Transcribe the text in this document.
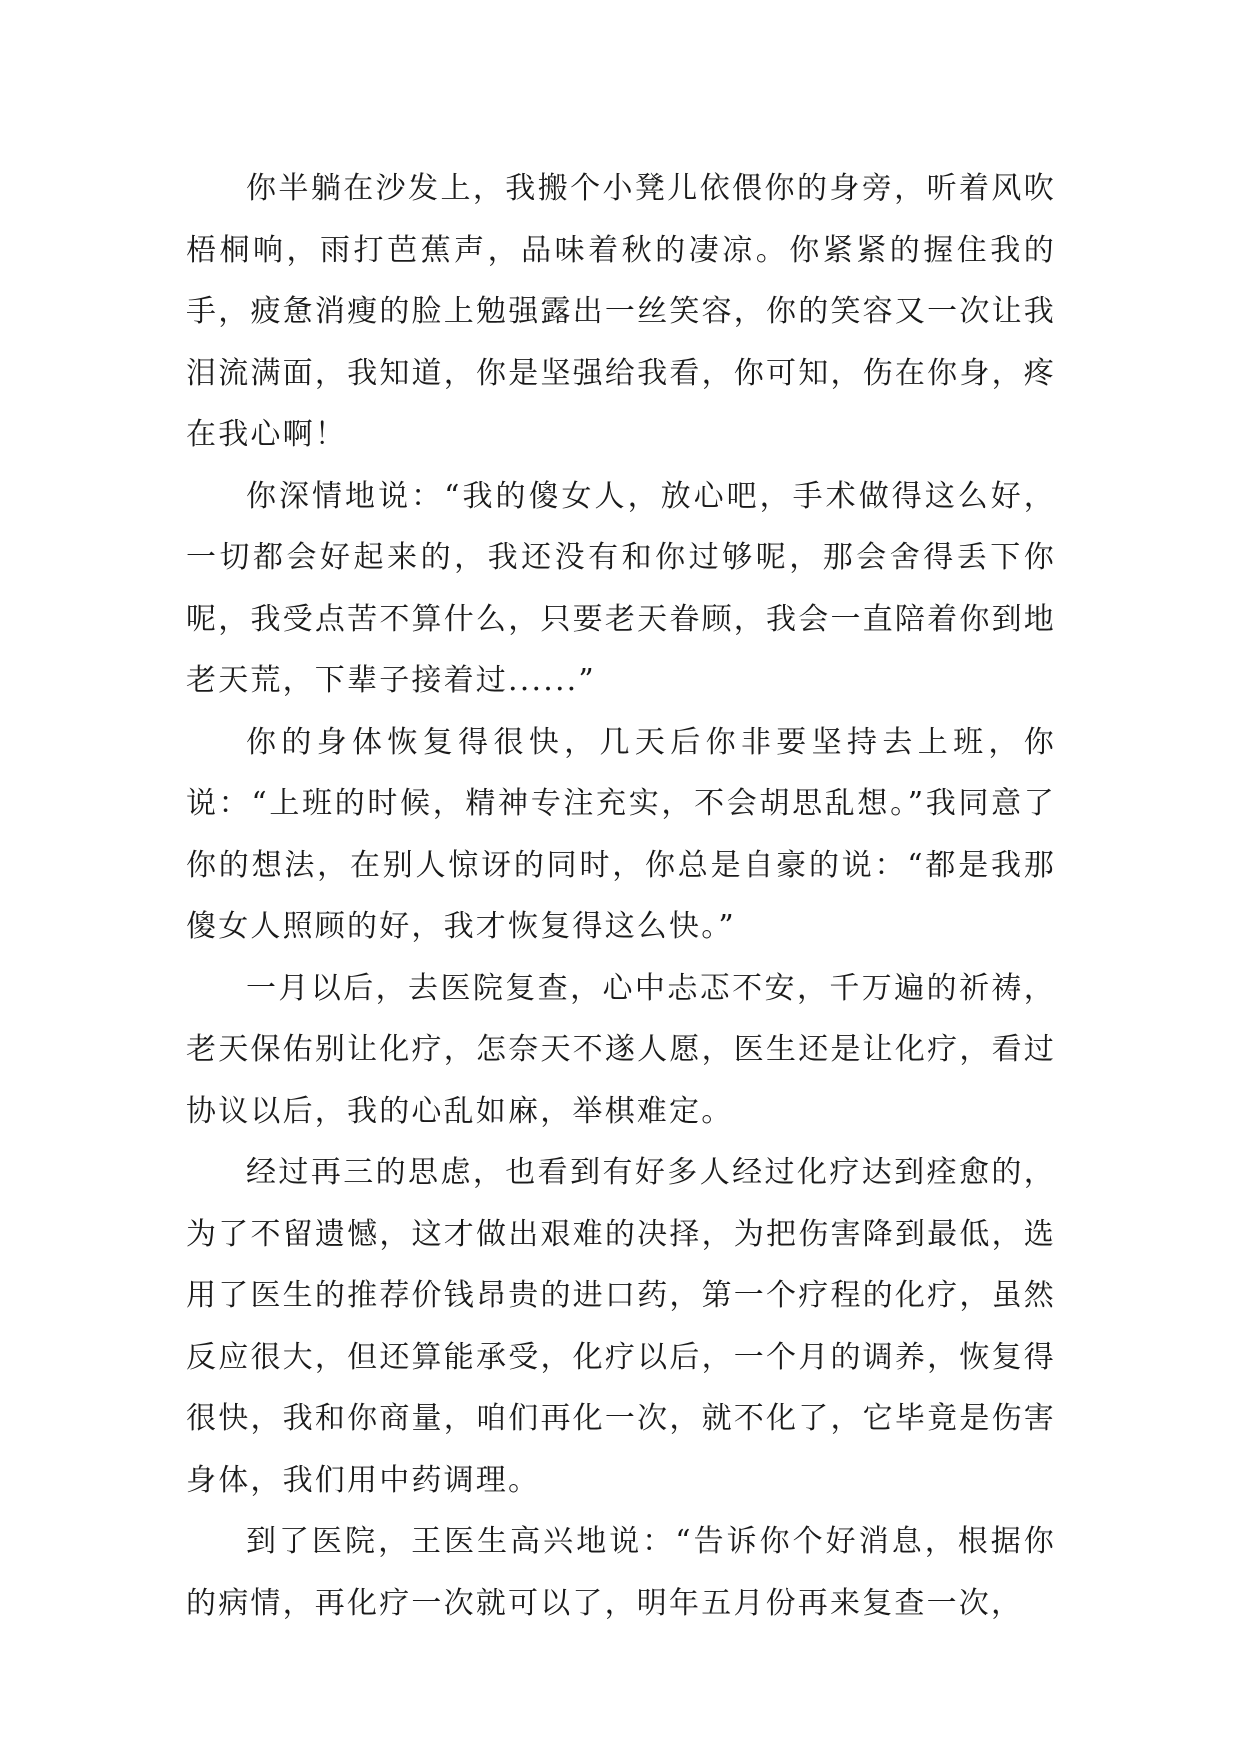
你半躺在沙发上，我搬个小凳儿依偎你的身旁，听着风吹梧桐响，雨打芭蕉声，品味着秋的凄凉。你紧紧的握住我的手，疲惫消瘦的脸上勉强露出一丝笑容，你的笑容又一次让我泪流满面，我知道，你是坚强给我看，你可知，伤在你身，疼在我心啊！

你深情地说：“我的傻女人，放心吧，手术做得这么好，一切都会好起来的，我还没有和你过够呢，那会舍得丢下你呢，我受点苦不算什么，只要老天眷顾，我会一直陪着你到地老天荒，下辈子接着过......”

你的身体恢复得很快，几天后你非要坚持去上班，你说：“上班的时候，精神专注充实，不会胡思乱想。”我同意了你的想法，在别人惊讶的同时，你总是自豪的说：“都是我那傻女人照顾的好，我才恢复得这么快。”

一月以后，去医院复查，心中忐忑不安，千万遍的祈祷，老天保佑别让化疗，怎奈天不遂人愿，医生还是让化疗，看过协议以后，我的心乱如麻，举棋难定。

经过再三的思虑，也看到有好多人经过化疗达到痊愈的，为了不留遗憾，这才做出艰难的决择，为把伤害降到最低，选用了医生的推荐价钱昂贵的进口药，第一个疗程的化疗，虽然反应很大，但还算能承受，化疗以后，一个月的调养，恢复得很快，我和你商量，咱们再化一次，就不化了，它毕竟是伤害身体，我们用中药调理。

到了医院，王医生高兴地说：“告诉你个好消息，根据你的病情，再化疗一次就可以了，明年五月份再来复查一次，
